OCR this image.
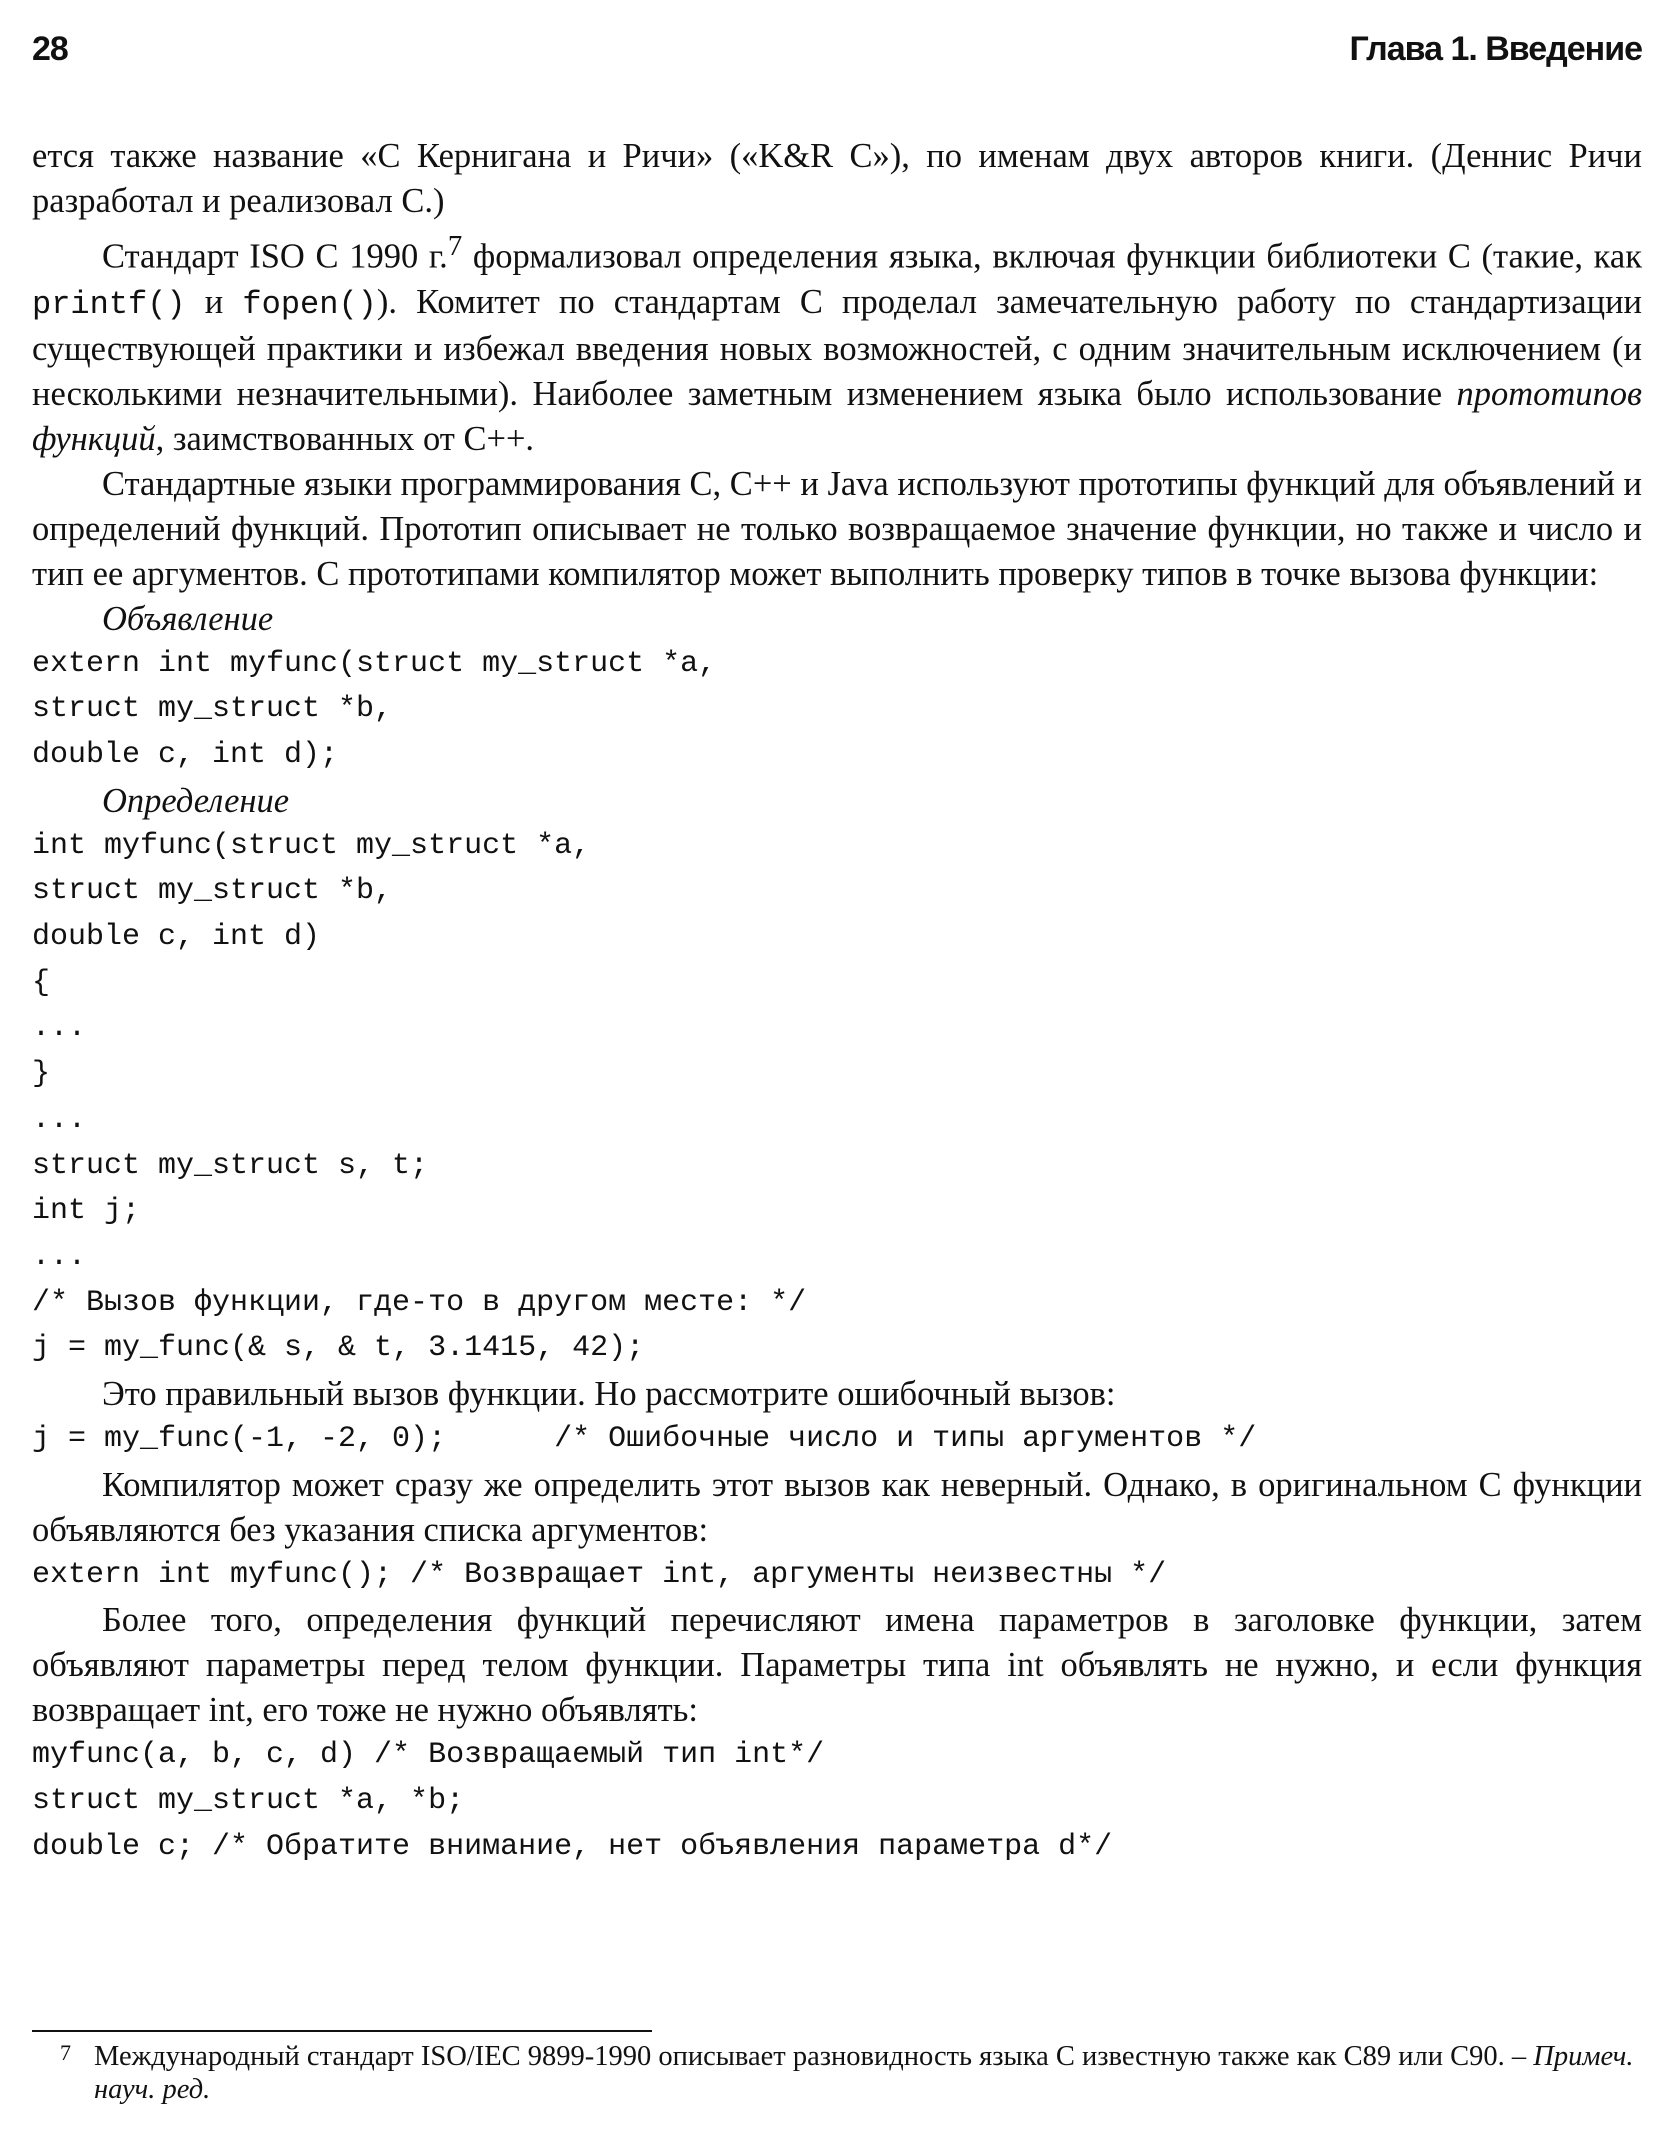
28	Глава 1. Введение

ется также название «C Кернигана и Ричи» («K&R C»), по именам двух авторов книги. (Деннис Ричи разработал и реализовал C.)

Стандарт ISO C 1990 г.$^7$ формализовал определения языка, включая функции библиотеки C (такие, как printf() и fopen()). Комитет по стандартам C проделал замечательную работу по стандартизации существующей практики и избежал введения новых возможностей, с одним значительным исключением (и несколькими незначительными). Наиболее заметным изменением языка было использование прототипов функций, заимствованных от C++.

Стандартные языки программирования C, C++ и Java используют прототипы функций для объявлений и определений функций. Прототип описывает не только возвращаемое значение функции, но также и число и тип ее аргументов. С прототипами компилятор может выполнить проверку типов в точке вызова функции:

Объявление

extern int myfunc(struct my_struct *a,
struct my_struct *b,
double c, int d);

Определение

int myfunc(struct my_struct *a,
struct my_struct *b,
double c, int d)
{
...
}
...
struct my_struct s, t;
int j;
...
/* Вызов функции, где-то в другом месте: */
j = my_func(& s, & t, 3.1415, 42);

Это правильный вызов функции. Но рассмотрите ошибочный вызов:

j = my_func(-1, -2, 0);      /* Ошибочные число и типы аргументов */

Компилятор может сразу же определить этот вызов как неверный. Однако, в оригинальном C функции объявляются без указания списка аргументов:

extern int myfunc(); /* Возвращает int, аргументы неизвестны */

Более того, определения функций перечисляют имена параметров в заголовке функции, затем объявляют параметры перед телом функции. Параметры типа int объявлять не нужно, и если функция возвращает int, его тоже не нужно объявлять:

myfunc(a, b, c, d) /* Возвращаемый тип int*/
struct my_struct *a, *b;
double c; /* Обратите внимание, нет объявления параметра d*/
7 Международный стандарт ISO/IEC 9899-1990 описывает разновидность языка C известную также как C89 или C90. – Примеч. науч. ред.
